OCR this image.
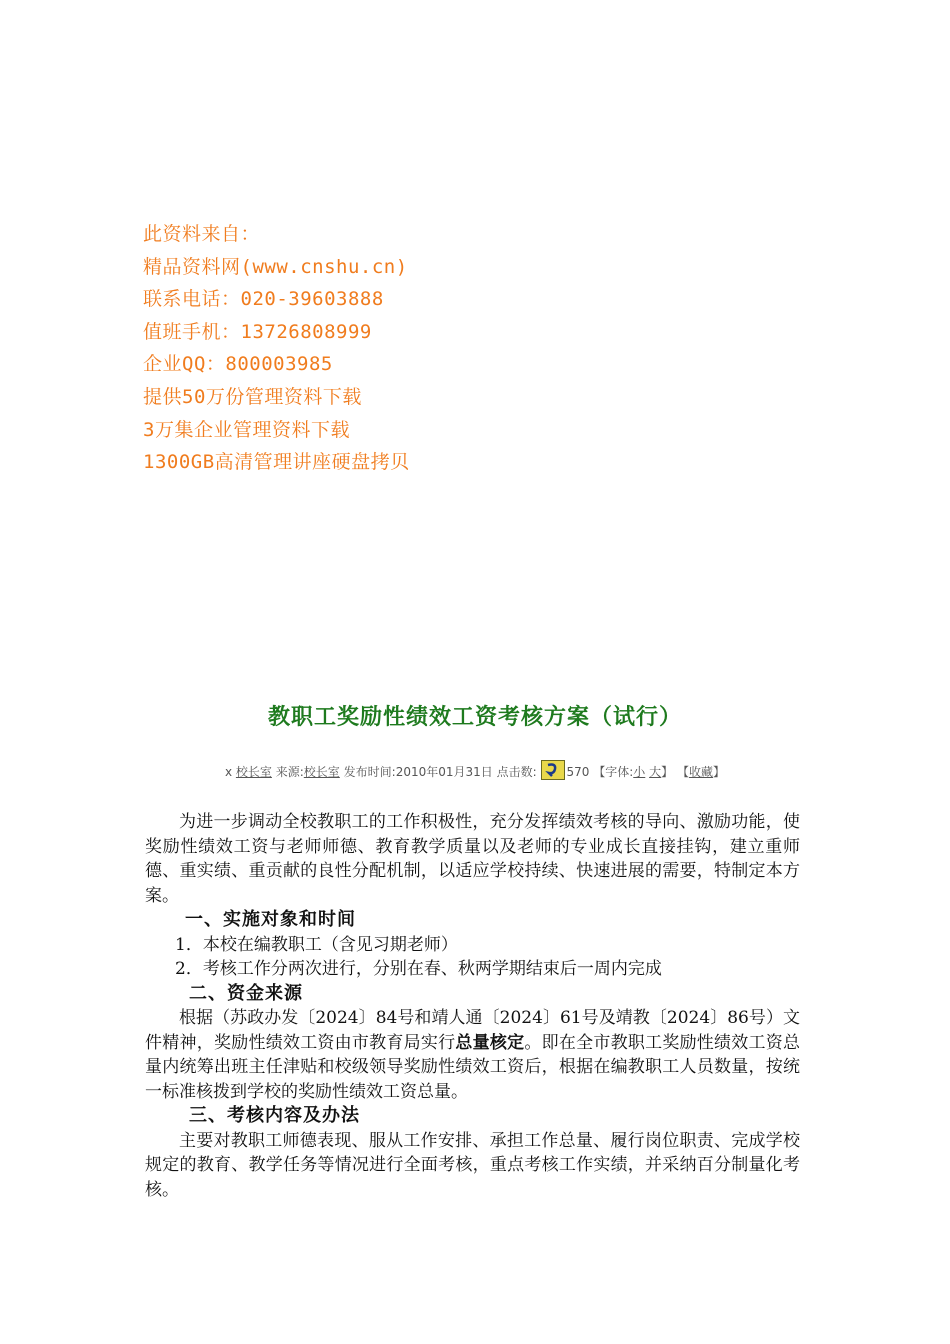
此资料来自：
精品资料网(www.cnshu.cn)
联系电话：020-39603888
值班手机：13726808999
企业QQ：800003985
提供50万份管理资料下载
3万集企业管理资料下载
1300GB高清管理讲座硬盘拷贝
教职工奖励性绩效工资考核方案（试行）
x 校长室 来源:校长室 发布时间:2010年01月31日 点击数: 570 【字体:小 大】 【收藏】

为进一步调动全校教职工的工作积极性，充分发挥绩效考核的导向、激励功能，使奖励性绩效工资与老师师德、教育教学质量以及老师的专业成长直接挂钩，建立重师德、重实绩、重贡献的良性分配机制，以适应学校持续、快速进展的需要，特制定本方案。

一、实施对象和时间

1．本校在编教职工（含见习期老师）

2．考核工作分两次进行，分别在春、秋两学期结束后一周内完成

二、资金来源

根据（苏政办发〔2024〕84号和靖人通〔2024〕61号及靖教〔2024〕86号）文件精神，奖励性绩效工资由市教育局实行总量核定。即在全市教职工奖励性绩效工资总量内统筹出班主任津贴和校级领导奖励性绩效工资后，根据在编教职工人员数量，按统一标准核拨到学校的奖励性绩效工资总量。

三、考核内容及办法

主要对教职工师德表现、服从工作安排、承担工作总量、履行岗位职责、完成学校规定的教育、教学任务等情况进行全面考核，重点考核工作实绩，并采纳百分制量化考核。
